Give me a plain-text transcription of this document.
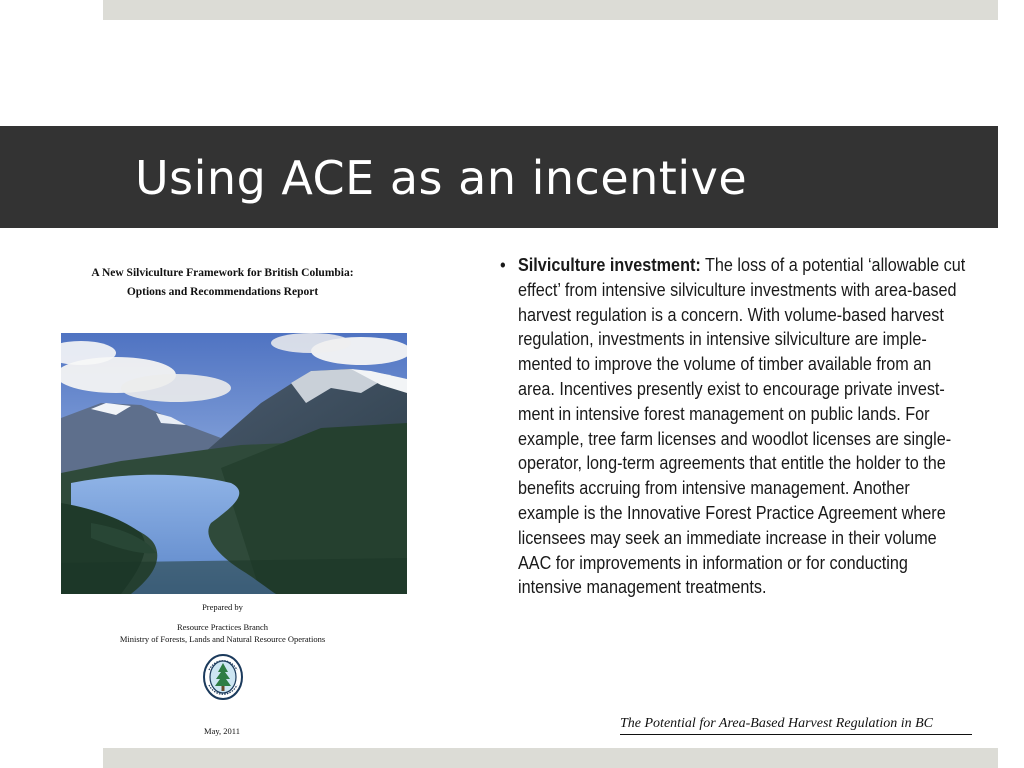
Using ACE as an incentive
A New Silviculture Framework for British Columbia:
Options and Recommendations Report
Prepared by
Resource Practices Branch
Ministry of Forests, Lands and Natural Resource Operations
May, 2011
• Silviculture investment: The loss of a potential ‘allowable cut
effect’ from intensive silviculture investments with area-based
harvest regulation is a concern. With volume-based harvest
regulation, investments in intensive silviculture are imple-
mented to improve the volume of timber available from an
area. Incentives presently exist to encourage private invest-
ment in intensive forest management on public lands. For
example, tree farm licenses and woodlot licenses are single-
operator, long-term agreements that entitle the holder to the
benefits accruing from intensive management. Another
example is the Innovative Forest Practice Agreement where
licensees may seek an immediate increase in their volume
AAC for improvements in information or for conducting
intensive management treatments.
The Potential for Area-Based Harvest Regulation in BC
